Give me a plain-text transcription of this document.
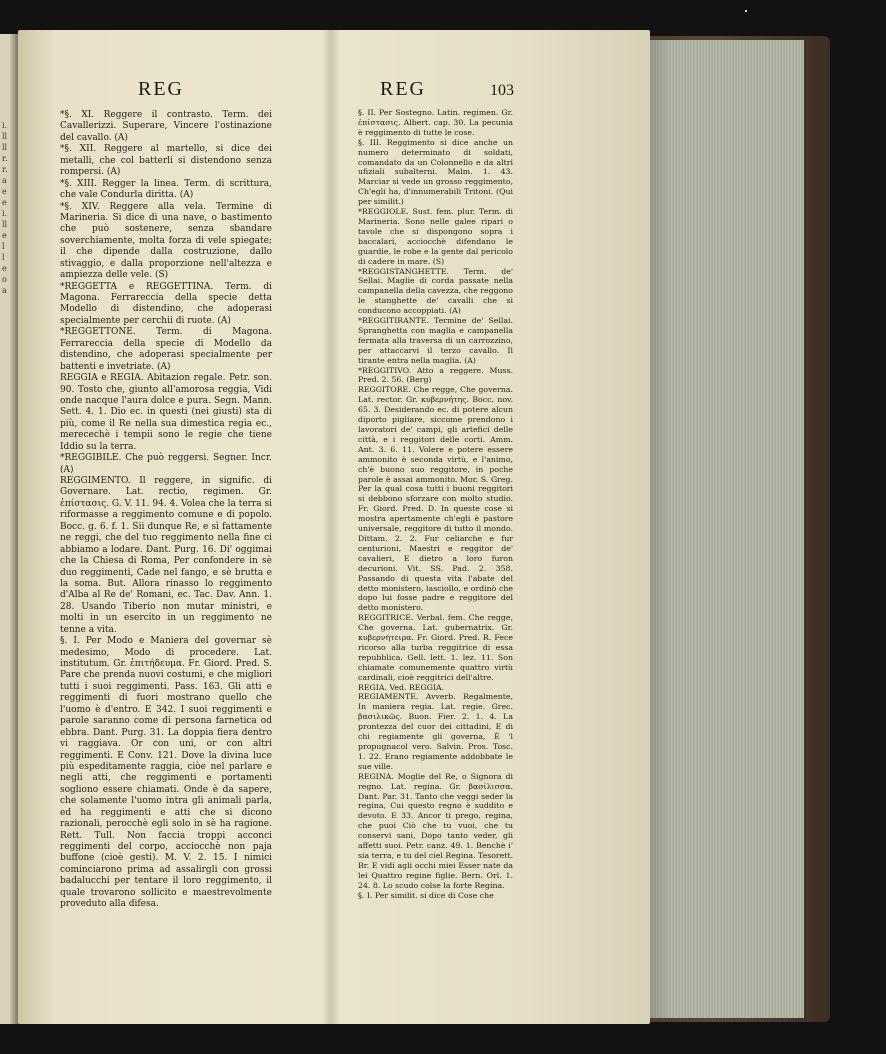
i.
ll
ll
r.
r.
a
e
e
i.
ll
e
l
l
e
o
a
REG	REG	103

*§. XI. Reggere il contrasto. Term. dei Cavallerizzi. Superare, Vincere l'ostinazione del cavallo. (A)

*§. XII. Reggere al martello, si dice dei metalli, che col batterli si distendono senza rompersi. (A)

*§. XIII. Regger la linea. Term. di scrittura, che vale Condurla diritta. (A)

*§. XIV. Reggere alla vela. Termine di Marineria. Si dice di una nave, o bastimento che può sostenere, senza sbandare soverchiamente, molta forza di vele spiegate; il che dipende dalla costruzione, dallo stivaggio, e dalla proporzione nell'altezza e ampiezza delle vele. (S)

*REGGETTA e REGGETTINA. Term. di Magona. Ferrareccia della specie detta Modello di distendino, che adoperasi specialmente per cerchii di ruote. (A)

*REGGETTONE. Term. di Magona. Ferrareccia della specie di Modello da distendino, che adoperasi specialmente per battenti e invetriate. (A)

REGGIA e REGIA. Abitazion regale. Petr. son. 90. Tosto che, giunto all'amorosa reggia, Vidi onde nacque l'aura dolce e pura. Segn. Mann. Sett. 4. 1. Dio ec. in questi (nei giusti) sta di più, come il Re nella sua dimestica regia ec., merecechè i tempii sono le regie che tiene Iddio su la terra.

*REGGIBILE. Che può reggersi. Segner. Incr. (A)

REGGIMENTO. Il reggere, in signific. di Governare. Lat. rectio, regimen. Gr. ἐπίστασις. G. V. 11. 94. 4. Volea che la terra si riformasse a reggimento comune e di popolo. Bocc. g. 6. f. 1. Sii dunque Re, e sì fattamente ne reggi, che del tuo reggimento nella fine ci abbiamo a lodare. Dant. Purg. 16. Di' oggimai che la Chiesa di Roma, Per confondere in sè duo reggimenti, Cade nel fango, e sè brutta e la soma. But. Allora rinasso lo reggimento d'Alba al Re de' Romani, ec. Tac. Dav. Ann. 1. 28. Usando Tiberio non mutar ministri, e molti in un esercito in un reggimento ne tenne a vita.

§. I. Per Modo e Maniera del governar sè medesimo, Modo di procedere. Lat. institutum. Gr. ἐπιτήδευμα. Fr. Giord. Pred. S. Pare che prenda nuovi costumi, e che migliori tutti i suoi reggimenti. Pass. 163. Gli atti e reggimenti di fuori mostrano quello che l'uomo è d'entro. E 342. I suoi reggimenti e parole saranno come di persona farnetica od ebbra. Dant. Purg. 31. La doppia fiera dentro vi raggiava. Or con uni, or con altri reggimenti. E Conv. 121. Dove la divina luce più espeditamente raggia, ciòe nel parlare e negli atti, che reggimenti e portamenti sogliono essere chiamati. Onde è da sapere, che solamente l'uomo intra gli animali parla, ed ha reggimenti e atti che si dicono razionali, perocchè egli solo in sè ha ragione. Rett. Tull. Non faccia troppi acconci reggimenti del corpo, acciocchè non paja buffone (cioè gesti). M. V. 2. 15. I nimici cominciarono prima ad assalirgli con grossi badalucchi per tentare il loro reggimento, il quale trovarono sollicito e maestrevolmente proveduto alla difesa.

§. II. Per Sostegno. Latin. regimen. Gr. ἐπίστασις. Albert. cap. 30. La pecunia è reggimento di tutte le cose.

§. III. Reggimento si dice anche un numero determinato di soldati, comandato da un Colonnello e da altri ufiziali subalterni. Malm. 1. 43. Marciar si vede un grosso reggimento, Ch'egli ha, d'innumerabili Tritoni. (Qui per similit.)

*REGGIOLE. Sust. fem. plur. Term. di Marineria. Sono nelle galee ripari o tavole che si dispongono sopra i baccalari, acciocchè difendano le guardie, le robe e la gente dal pericolo di cadere in mare. (S)

*REGGISTANGHETTE. Term. de' Sellai. Maglie di corda passate nella campanella della cavezza, che reggono le stanghette de' cavalli che si conducono accoppiati. (A)

*REGGITIRANTE. Termine de' Sellai. Spranghetta con maglia e campanella fermata alla traversa di un carrozzino, per attaccarvi il terzo cavallo. Il tirante entra nella maglia. (A)

*REGGITIVO. Atto a reggere. Muss. Pred. 2. 56. (Berg)

REGGITORE. Che regge, Che governa. Lat. rector. Gr. κυβερνήτης. Bocc. nov. 65. 3. Desiderando ec. di potere alcun diporto pigliare, siccome prendono i lavoratori de' campi, gli artefici delle città, e i reggitori delle corti. Amm. Ant. 3. 6. 11. Volere e potere essere ammonito è seconda virtù, e l'animo, ch'è buono suo reggitore, in poche parole è assai ammonito. Mor. S. Greg. Per la qual cosa tutti i buoni reggitori si debbono sforzare con molto studio. Fr. Giord. Pred. D. In queste cose si mostra apertamente ch'egli è pastore universale, reggitore di tutto il mondo. Dittam. 2. 2. Fur celiarche e fur centurioni, Maestri e reggitor de' cavalieri, E dietro a loro furon decurioni. Vit. SS. Pad. 2. 358. Passando di questa vita l'abate del detto monistero, lasciollo, e ordinò che dopo lui fosse padre e reggitore del detto monistero.

REGGITRICE. Verbal. fem. Che regge, Che governa. Lat. gubernatrix. Gr. κυβερνήτειρα. Fr. Giord. Pred. R. Fece ricorso alla turba reggitrice di essa repubblica. Gell. lett. 1. lez. 11. Son chiamate comunemente quattro virtù cardinali, cioè reggitrici dell'altre.

REGIA. Ved. REGGIA.

REGIAMENTE. Avverb. Regalmente, In maniera regia. Lat. regie. Grec. βασιλικῶς. Buon. Fier. 2. 1. 4. La prontezza del cuor dei cittadini, E di chi regiamente gli governa, È 'l propugnacol vero. Salvin. Pros. Tosc. 1. 22. Erano regiamente addobbate le sue ville.

REGINA. Moglie del Re, o Signora di regno. Lat. regina. Gr. βασίλισσα. Dant. Par. 31. Tanto che veggi seder la regina, Cui questo regno è suddito e devoto. E 33. Ancor ti prego, regina, che puoi Ciò che tu vuoi, che tu conservi sani, Dopo tanto veder, gli affetti suoi. Petr. canz. 49. 1. Benchè i' sia terra, e tu del ciel Regina. Tesorett. Br. E vidi agli occhi miei Esser nate da lei Quattro regine figlie. Bern. Orl. 1. 24. 8. Lo scudo colse la forte Regina.

§. I. Per similit. si dice di Cose che
